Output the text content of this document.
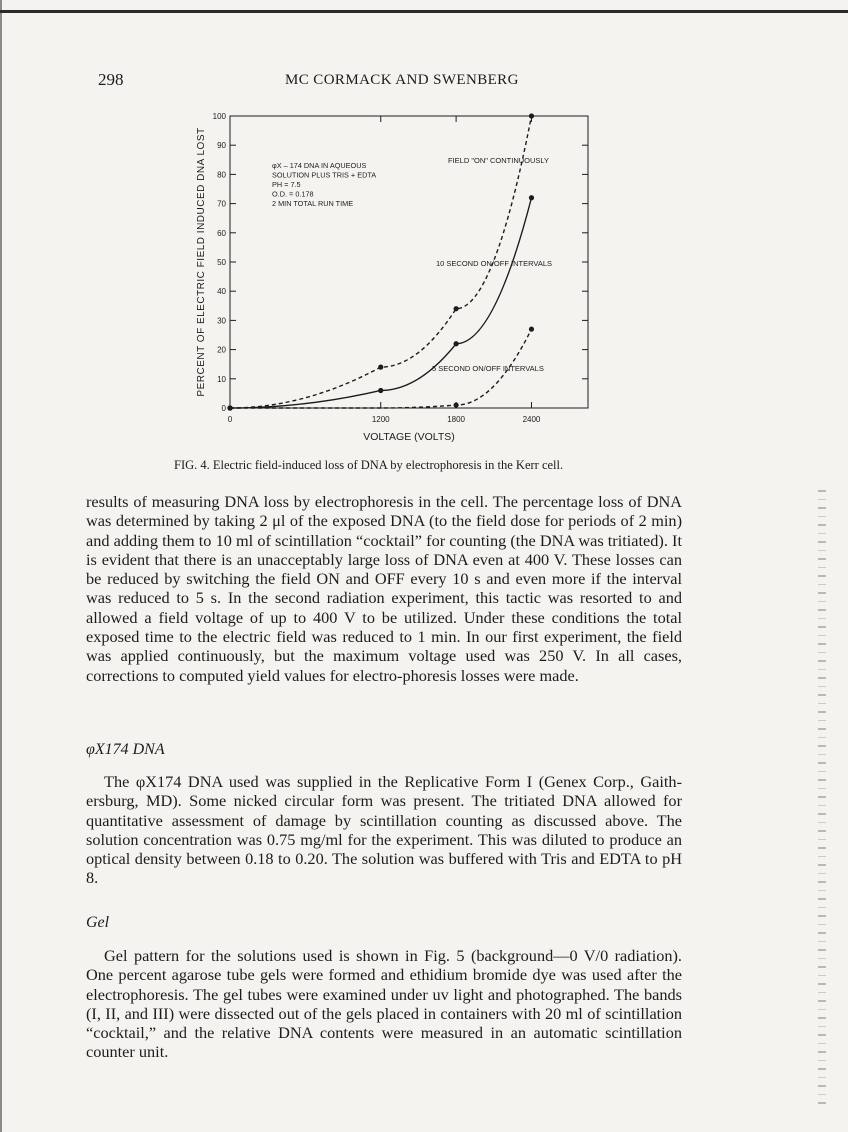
298	MC CORMACK AND SWENBERG
0
10
20
30
40
50
60
70
80
90
100
0	1200	1800	2400
VOLTAGE (VOLTS)
PERCENT OF ELECTRIC FIELD INDUCED DNA LOST	FIELD "ON" CONTINUOUSLY
10 SECOND ON/OFF INTERVALS
5 SECOND ON/OFF INTERVALS
φX – 174 DNA IN AQUEOUS
SOLUTION PLUS TRIS + EDTA
PH = 7.5
O.D. = 0.178
2 MIN TOTAL RUN TIME
FIG. 4. Electric field-induced loss of DNA by electrophoresis in the Kerr cell.

results of measuring DNA loss by electrophoresis in the cell. The percentage loss of DNA was determined by taking 2 μl of the exposed DNA (to the field dose for periods of 2 min) and adding them to 10 ml of scintillation “cocktail” for counting (the DNA was tritiated). It is evident that there is an unacceptably large loss of DNA even at 400 V. These losses can be reduced by switching the field ON and OFF every 10 s and even more if the interval was reduced to 5 s. In the second radiation experiment, this tactic was resorted to and allowed a field voltage of up to 400 V to be utilized. Under these conditions the total exposed time to the electric field was reduced to 1 min. In our first experiment, the field was applied continuously, but the maximum voltage used was 250 V. In all cases, corrections to computed yield values for electro-phoresis losses were made.

φX174 DNA

The φX174 DNA used was supplied in the Replicative Form I (Genex Corp., Gaith-ersburg, MD). Some nicked circular form was present. The tritiated DNA allowed for quantitative assessment of damage by scintillation counting as discussed above. The solution concentration was 0.75 mg/ml for the experiment. This was diluted to produce an optical density between 0.18 to 0.20. The solution was buffered with Tris and EDTA to pH 8.

Gel

Gel pattern for the solutions used is shown in Fig. 5 (background—0 V/0 radiation). One percent agarose tube gels were formed and ethidium bromide dye was used after the electrophoresis. The gel tubes were examined under uv light and photographed. The bands (I, II, and III) were dissected out of the gels placed in containers with 20 ml of scintillation “cocktail,” and the relative DNA contents were measured in an automatic scintillation counter unit.
